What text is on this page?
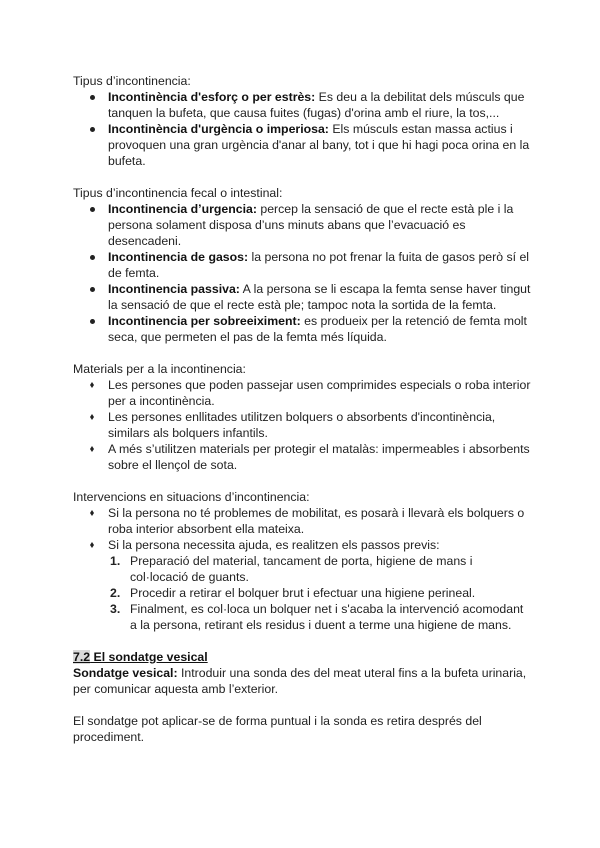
Tipus d’incontinencia:

Incontinència d'esforç o per estrès: Es deu a la debilitat dels músculs que tanquen la bufeta, que causa fuites (fugas) d'orina amb el riure, la tos,...
Incontinència d'urgència o imperiosa: Els músculs estan massa actius i provoquen una gran urgència d'anar al bany, tot i que hi hagi poca orina en la bufeta.

Tipus d’incontinencia fecal o intestinal:

Incontinencia d’urgencia: percep la sensació de que el recte està ple i la persona solament disposa d’uns minuts abans que l’evacuació es desencadeni.
Incontinencia de gasos: la persona no pot frenar la fuita de gasos però sí el de femta.
Incontinencia passiva: A la persona se li escapa la femta sense haver tingut la sensació de que el recte està ple; tampoc nota la sortida de la femta.
Incontinencia per sobreeiximent: es produeix per la retenció de femta molt seca, que permeten el pas de la femta més líquida.

Materials per a la incontinencia:

Les persones que poden passejar usen comprimides especials o roba interior per a incontinència.
Les persones enllitades utilitzen bolquers o absorbents d'incontinència, similars als bolquers infantils.
A més s’utilitzen materials per protegir el matalàs: impermeables i absorbents sobre el llençol de sota.

Intervencions en situacions d’incontinencia:

Si la persona no té problemes de mobilitat, es posarà i llevarà els bolquers o roba interior absorbent ella mateixa.
Si la persona necessita ajuda, es realitzen els passos previs:
1. Preparació del material, tancament de porta, higiene de mans i col·locació de guants.
2. Procedir a retirar el bolquer brut i efectuar una higiene perineal.
3. Finalment, es col·loca un bolquer net i s'acaba la intervenció acomodant a la persona, retirant els residus i duent a terme una higiene de mans.

7.2 El sondatge vesical

Sondatge vesical: Introduir una sonda des del meat uteral fins a la bufeta urinaria, per comunicar aquesta amb l’exterior.

El sondatge pot aplicar-se de forma puntual i la sonda es retira després del procediment.
